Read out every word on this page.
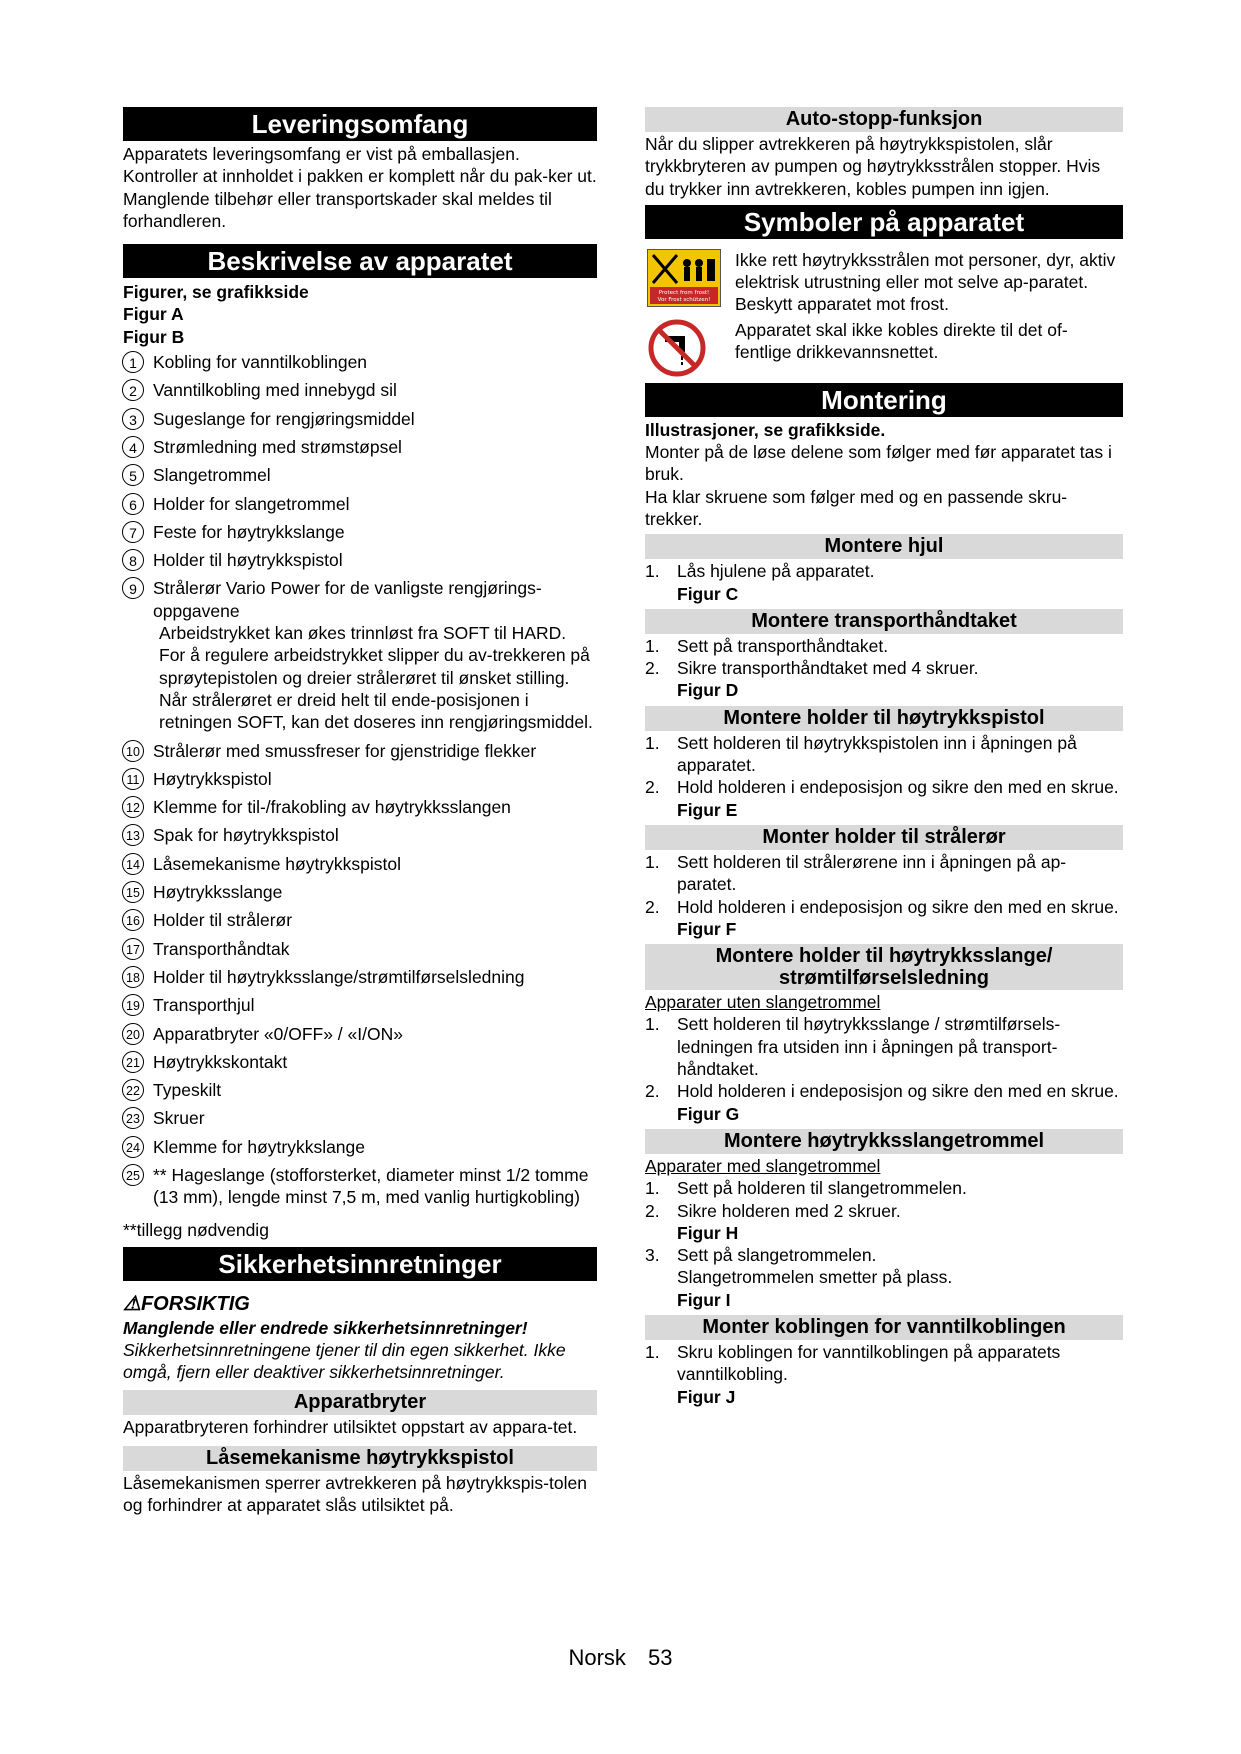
Leveringsomfang

Apparatets leveringsomfang er vist på emballasjen. Kontroller at innholdet i pakken er komplett når du pak-ker ut. Manglende tilbehør eller transportskader skal meldes til forhandleren.

Beskrivelse av apparatet
Figurer, se grafikkside
Figur A
Figur B
1 Kobling for vanntilkoblingen
2 Vanntilkobling med innebygd sil
3 Sugeslange for rengjøringsmiddel
4 Strømledning med strømstøpsel
5 Slangetrommel
6 Holder for slangetrommel
7 Feste for høytrykkslange
8 Holder til høytrykkspistol
9 Strålerør Vario Power for de vanligste rengjørings-oppgavene
Arbeidstrykket kan økes trinnløst fra SOFT til HARD. For å regulere arbeidstrykket slipper du av-trekkeren på sprøytepistolen og dreier strålerøret til ønsket stilling. Når strålerøret er dreid helt til ende-posisjonen i retningen SOFT, kan det doseres inn rengjøringsmiddel.
10 Strålerør med smussfreser for gjenstridige flekker
11 Høytrykkspistol
12 Klemme for til-/frakobling av høytrykksslangen
13 Spak for høytrykkspistol
14 Låsemekanisme høytrykkspistol
15 Høytrykksslange
16 Holder til strålerør
17 Transporthåndtak
18 Holder til høytrykksslange/strømtilførselsledning
19 Transporthjul
20 Apparatbryter «0/OFF» / «I/ON»
21 Høytrykkskontakt
22 Typeskilt
23 Skruer
24 Klemme for høytrykkslange
25 ** Hageslange (stofforsterket, diameter minst 1/2 tomme (13 mm), lengde minst 7,5 m, med vanlig hurtigkobling)
**tillegg nødvendig
Sikkerhetsinnretninger
⚠FORSIKTIG
Manglende eller endrede sikkerhetsinnretninger!
Sikkerhetsinnretningene tjener til din egen sikkerhet. Ikke omgå, fjern eller deaktiver sikkerhetsinnretninger.
Apparatbryter

Apparatbryteren forhindrer utilsiktet oppstart av appara-tet.

Låsemekanisme høytrykkspistol

Låsemekanismen sperrer avtrekkeren på høytrykkspis-tolen og forhindrer at apparatet slås utilsiktet på.

Auto-stopp-funksjon

Når du slipper avtrekkeren på høytrykkspistolen, slår trykkbryteren av pumpen og høytrykksstrålen stopper. Hvis du trykker inn avtrekkeren, kobles pumpen inn igjen.

Symboler på apparatet
Protect from frost!
Vor Frost schützen!
Ikke rett høytrykksstrålen mot personer, dyr, aktiv elektrisk utrustning eller mot selve ap-paratet.
Beskytt apparatet mot frost.
Apparatet skal ikke kobles direkte til det of-fentlige drikkevannsnettet.
Montering
Illustrasjoner, se grafikkside.

Monter på de løse delene som følger med før apparatet tas i bruk.

Ha klar skruene som følger med og en passende skru-trekker.

Montere hjul
1. Lås hjulene på apparatet.
Figur C
Montere transporthåndtaket
1. Sett på transporthåndtaket.
2. Sikre transporthåndtaket med 4 skruer.
Figur D
Montere holder til høytrykkspistol
1. Sett holderen til høytrykkspistolen inn i åpningen på apparatet.
2. Hold holderen i endeposisjon og sikre den med en skrue.
Figur E
Monter holder til strålerør
1. Sett holderen til strålerørene inn i åpningen på ap-paratet.
2. Hold holderen i endeposisjon og sikre den med en skrue.
Figur F
Montere holder til høytrykksslange/
strømtilførselsledning
Apparater uten slangetrommel
1. Sett holderen til høytrykksslange / strømtilførsels-ledningen fra utsiden inn i åpningen på transport-håndtaket.
2. Hold holderen i endeposisjon og sikre den med en skrue.
Figur G
Montere høytrykksslangetrommel
Apparater med slangetrommel
1. Sett på holderen til slangetrommelen.
2. Sikre holderen med 2 skruer.
Figur H
3. Sett på slangetrommelen.
Slangetrommelen smetter på plass.
Figur I
Monter koblingen for vanntilkoblingen
1. Skru koblingen for vanntilkoblingen på apparatets vanntilkobling.
Figur J
Norsk 53
